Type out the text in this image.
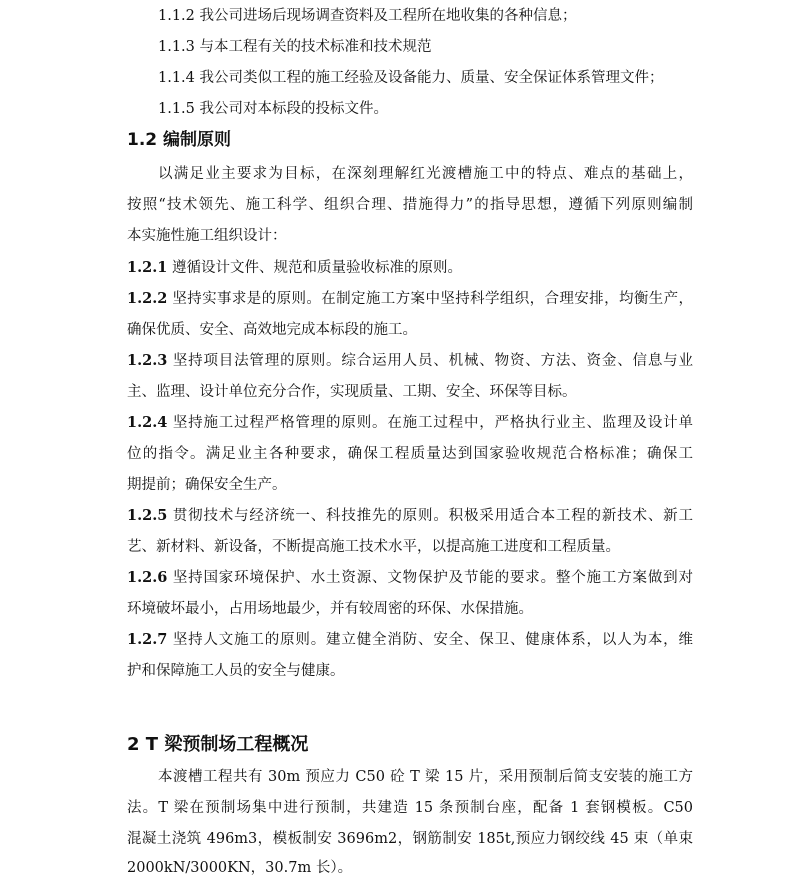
1.1.2 我公司进场后现场调查资料及工程所在地收集的各种信息；
1.1.3 与本工程有关的技术标准和技术规范
1.1.4 我公司类似工程的施工经验及设备能力、质量、安全保证体系管理文件；
1.1.5 我公司对本标段的投标文件。
1.2 编制原则
以满足业主要求为目标，在深刻理解红光渡槽施工中的特点、难点的基础上，
按照“技术领先、施工科学、组织合理、措施得力”的指导思想，遵循下列原则编制
本实施性施工组织设计：
1.2.1 遵循设计文件、规范和质量验收标准的原则。
1.2.2 坚持实事求是的原则。在制定施工方案中坚持科学组织，合理安排，均衡生产，
确保优质、安全、高效地完成本标段的施工。
1.2.3 坚持项目法管理的原则。综合运用人员、机械、物资、方法、资金、信息与业
主、监理、设计单位充分合作，实现质量、工期、安全、环保等目标。
1.2.4 坚持施工过程严格管理的原则。在施工过程中，严格执行业主、监理及设计单
位的指令。满足业主各种要求，确保工程质量达到国家验收规范合格标准；确保工
期提前；确保安全生产。
1.2.5 贯彻技术与经济统一、科技推先的原则。积极采用适合本工程的新技术、新工
艺、新材料、新设备，不断提高施工技术水平，以提高施工进度和工程质量。
1.2.6 坚持国家环境保护、水土资源、文物保护及节能的要求。整个施工方案做到对
环境破坏最小，占用场地最少，并有较周密的环保、水保措施。
1.2.7 坚持人文施工的原则。建立健全消防、安全、保卫、健康体系，以人为本，维
护和保障施工人员的安全与健康。
2 T 梁预制场工程概况
本渡槽工程共有 30m 预应力 C50 砼 T 梁 15 片，采用预制后简支安装的施工方
法。T 梁在预制场集中进行预制，共建造 15 条预制台座，配备 1 套钢模板。C50
混凝土浇筑 496m3，模板制安 3696m2，钢筋制安 185t,预应力钢绞线 45 束（单束
2000kN/3000KN，30.7m 长）。
